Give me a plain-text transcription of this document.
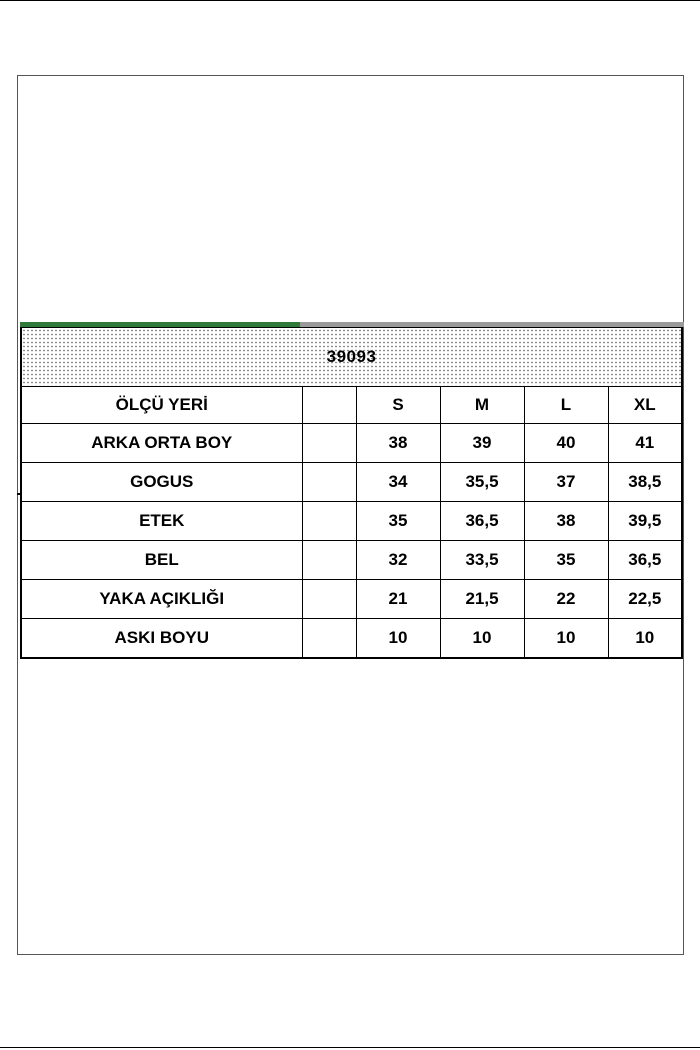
39093					
ÖLÇÜ YERİ		S	M	L	XL
ARKA ORTA BOY		38	39	40	41
GOGUS		34	35,5	37	38,5
ETEK		35	36,5	38	39,5
BEL		32	33,5	35	36,5
YAKA AÇIKLIĞI		21	21,5	22	22,5
ASKI BOYU		10	10	10	10
